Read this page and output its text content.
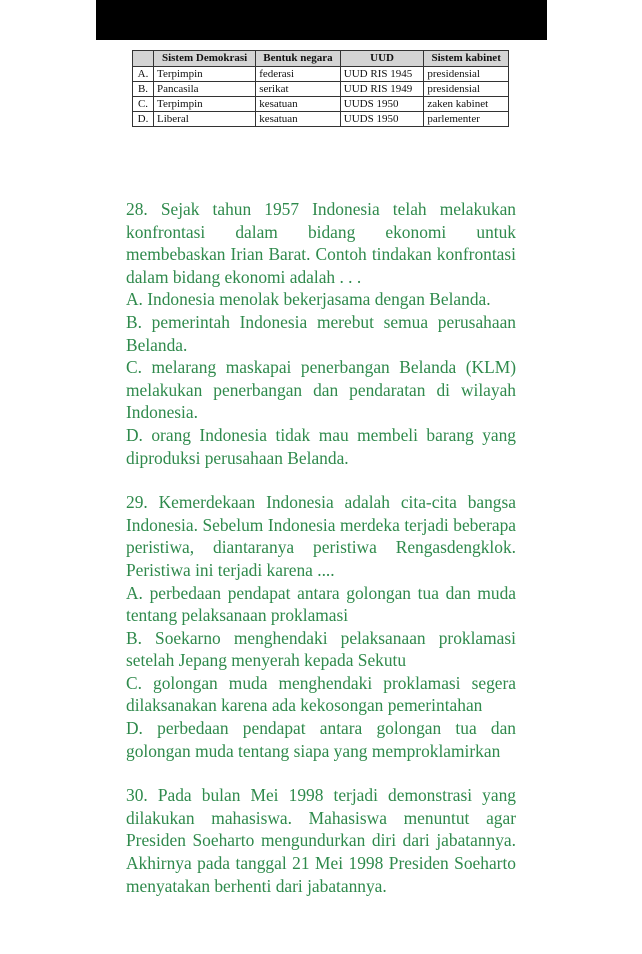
	Sistem Demokrasi	Bentuk negara	UUD	Sistem kabinet
A.	Terpimpin	federasi	UUD RIS 1945	presidensial
B.	Pancasila	serikat	UUD RIS 1949	presidensial
C.	Terpimpin	kesatuan	UUDS 1950	zaken kabinet
D.	Liberal	kesatuan	UUDS 1950	parlementer

28. Sejak tahun 1957 Indonesia telah melakukan konfrontasi dalam bidang ekonomi untuk membebaskan Irian Barat. Contoh tindakan konfrontasi dalam bidang ekonomi adalah . . .

A. Indonesia menolak bekerjasama dengan Belanda.

B. pemerintah Indonesia merebut semua perusahaan Belanda.

C. melarang maskapai penerbangan Belanda (KLM) melakukan penerbangan dan pendaratan di wilayah Indonesia.

D. orang Indonesia tidak mau membeli barang yang diproduksi perusahaan Belanda.

29. Kemerdekaan Indonesia adalah cita-cita bangsa Indonesia. Sebelum Indonesia merdeka terjadi beberapa peristiwa, diantaranya peristiwa Rengasdengklok. Peristiwa ini terjadi karena ....

A. perbedaan pendapat antara golongan tua dan muda tentang pelaksanaan proklamasi

B. Soekarno menghendaki pelaksanaan proklamasi setelah Jepang menyerah kepada Sekutu

C. golongan muda menghendaki proklamasi segera dilaksanakan karena ada kekosongan pemerintahan

D. perbedaan pendapat antara golongan tua dan golongan muda tentang siapa yang memproklamirkan

30. Pada bulan Mei 1998 terjadi demonstrasi yang dilakukan mahasiswa. Mahasiswa menuntut agar Presiden Soeharto mengundurkan diri dari jabatannya. Akhirnya pada tanggal 21 Mei 1998 Presiden Soeharto menyatakan berhenti dari jabatannya.
